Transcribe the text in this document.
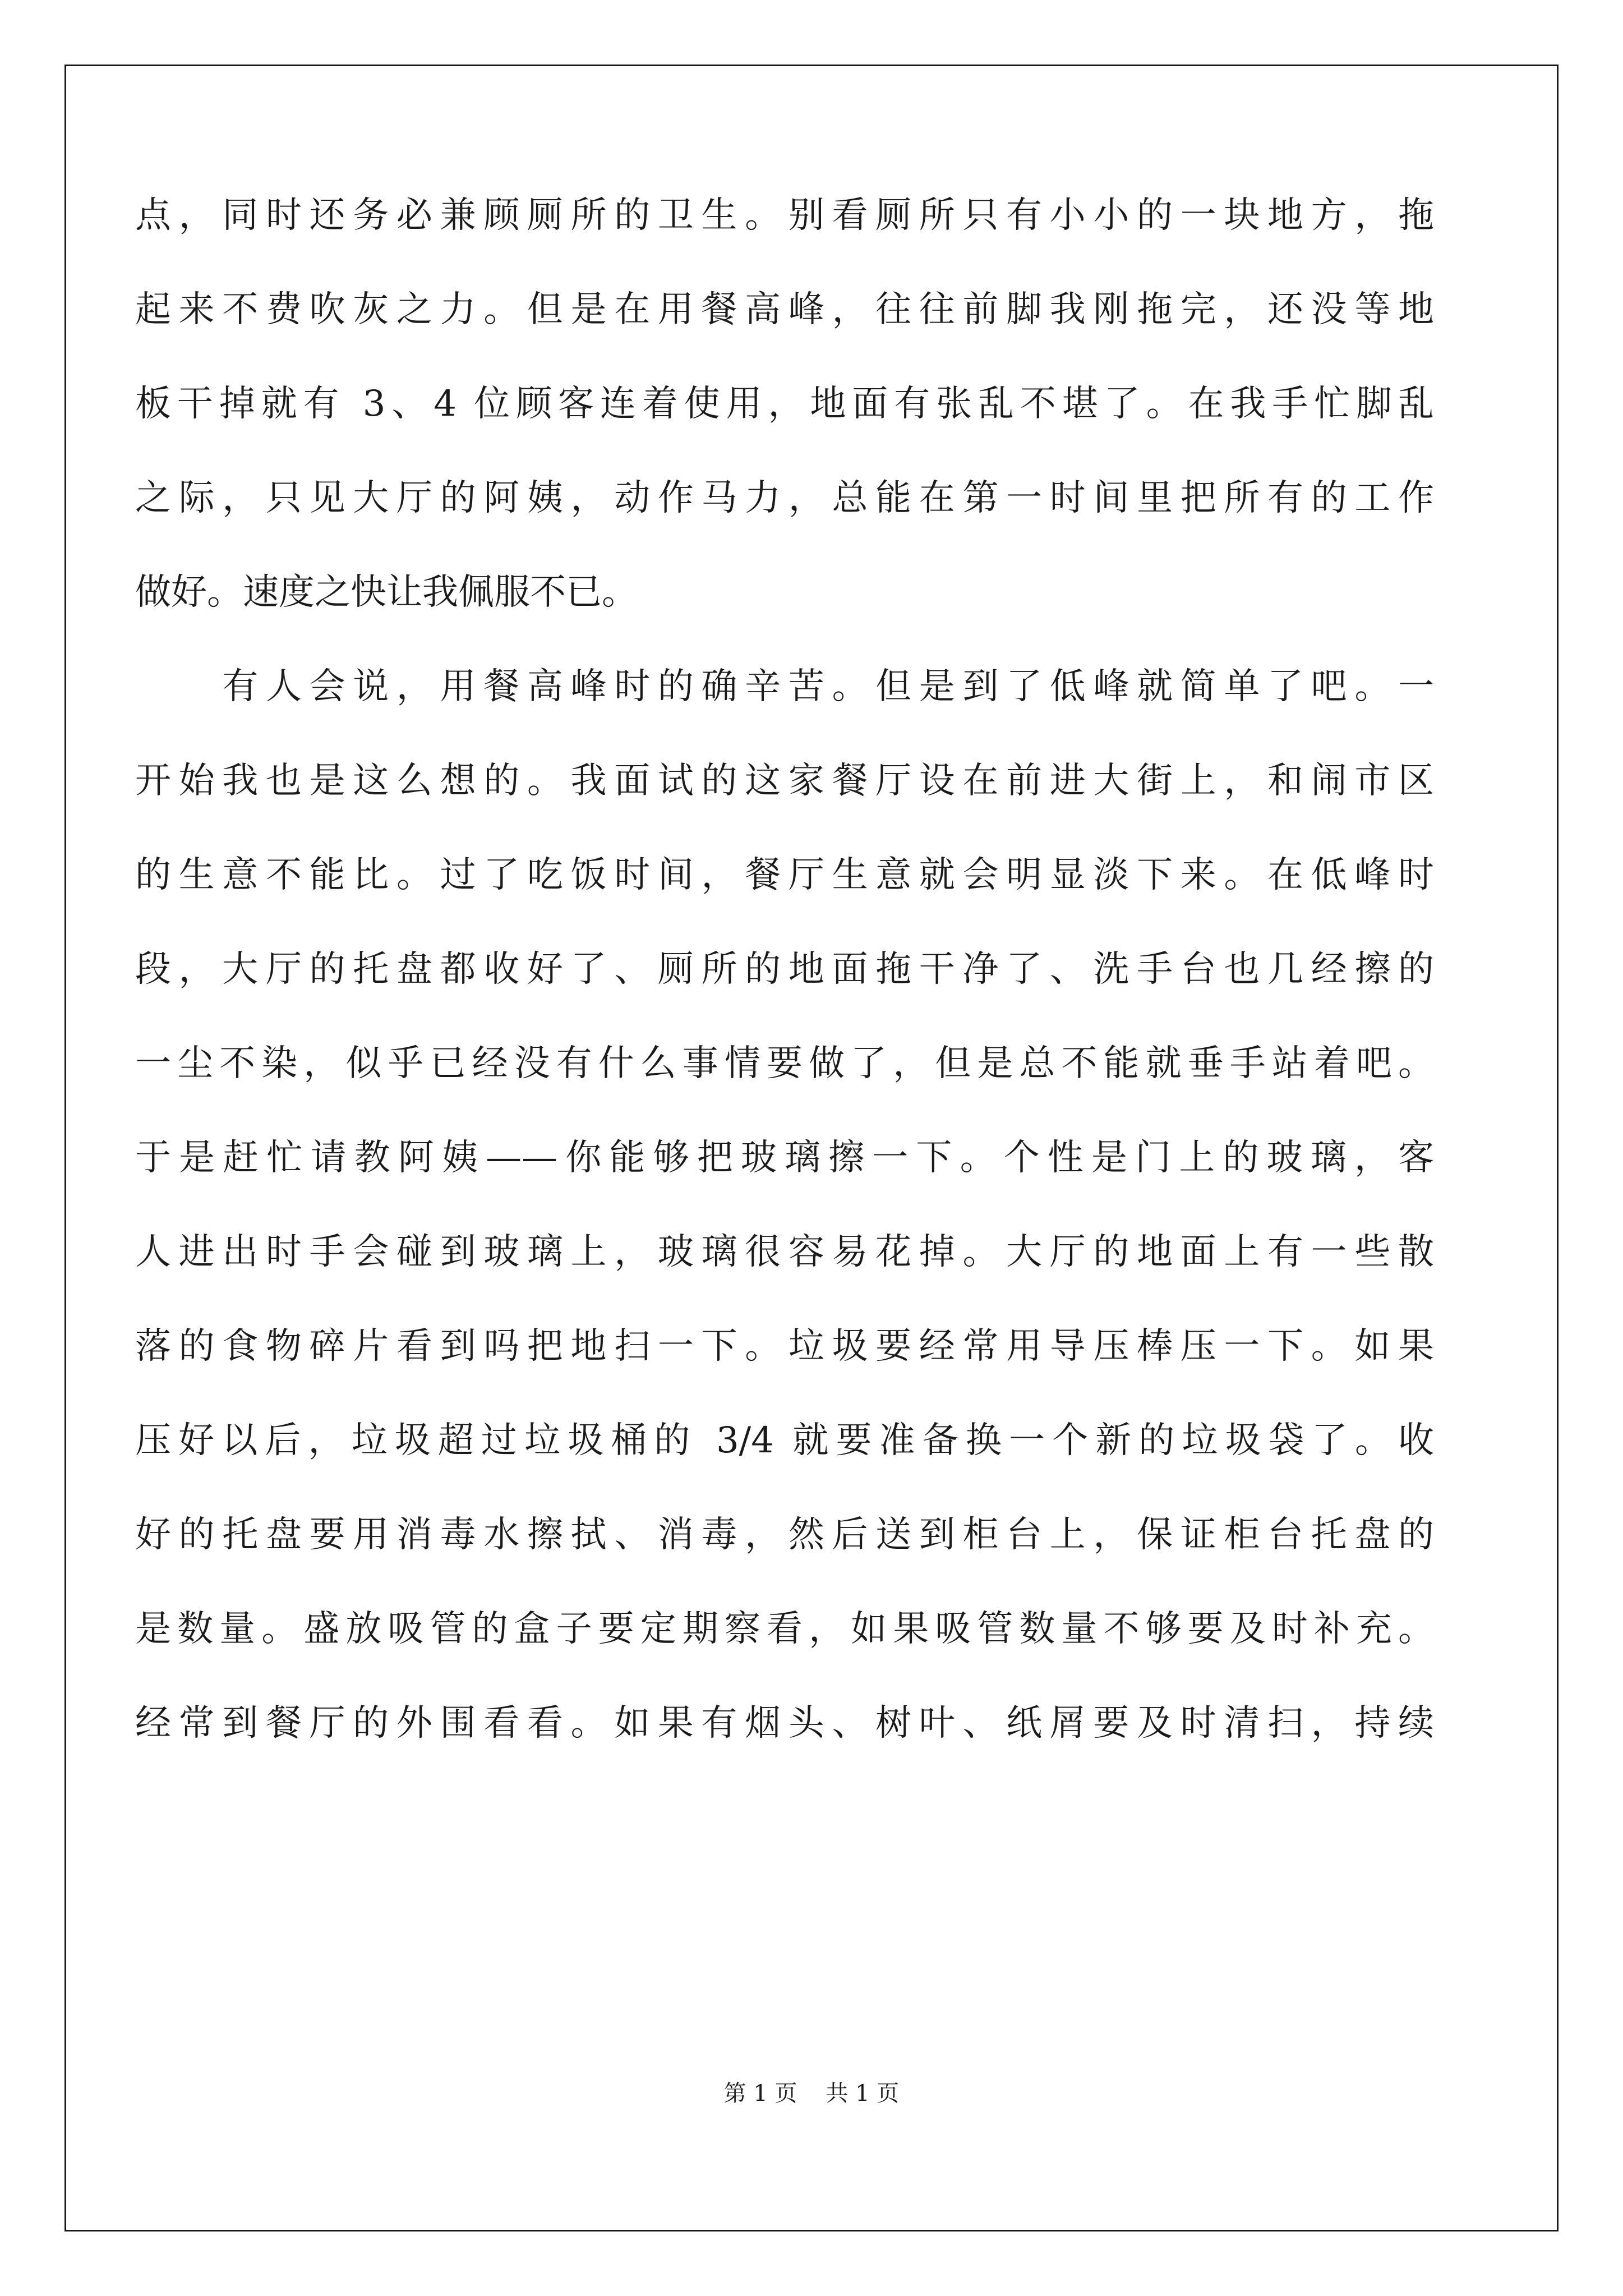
点，同时还务必兼顾厕所的卫生。别看厕所只有小小的一块地方，拖
起来不费吹灰之力。但是在用餐高峰，往往前脚我刚拖完，还没等地
板干掉就有 3、4 位顾客连着使用，地面有张乱不堪了。在我手忙脚乱
之际，只见大厅的阿姨，动作马力，总能在第一时间里把所有的工作
做好。速度之快让我佩服不已。
　　有人会说，用餐高峰时的确辛苦。但是到了低峰就简单了吧。一
开始我也是这么想的。我面试的这家餐厅设在前进大街上，和闹市区
的生意不能比。过了吃饭时间，餐厅生意就会明显淡下来。在低峰时
段，大厅的托盘都收好了、厕所的地面拖干净了、洗手台也几经擦的
一尘不染，似乎已经没有什么事情要做了，但是总不能就垂手站着吧。
于是赶忙请教阿姨——你能够把玻璃擦一下。个性是门上的玻璃，客
人进出时手会碰到玻璃上，玻璃很容易花掉。大厅的地面上有一些散
落的食物碎片看到吗把地扫一下。垃圾要经常用导压棒压一下。如果
压好以后，垃圾超过垃圾桶的 3/4 就要准备换一个新的垃圾袋了。收
好的托盘要用消毒水擦拭、消毒，然后送到柜台上，保证柜台托盘的
是数量。盛放吸管的盒子要定期察看，如果吸管数量不够要及时补充。
经常到餐厅的外围看看。如果有烟头、树叶、纸屑要及时清扫，持续
第 1 页 共 1 页
